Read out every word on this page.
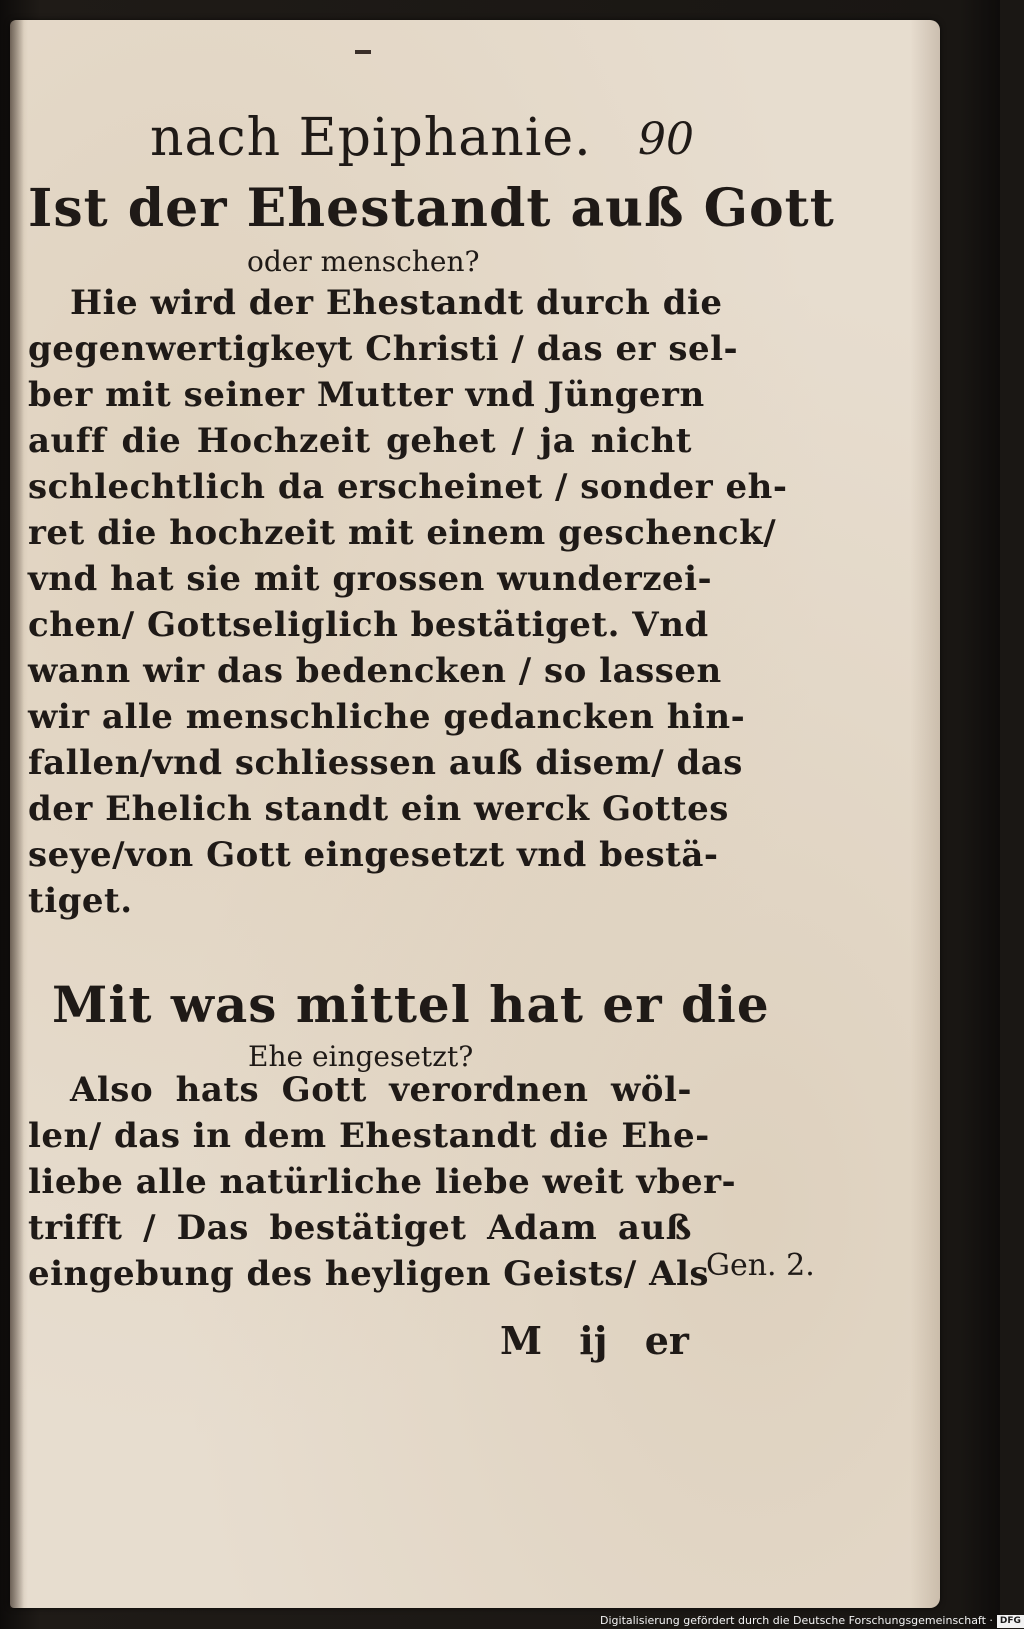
nach Epiphanie. 90
Ist der Ehestandt auß Gott
oder menschen?
Hie wird der Ehestandt durch die
gegenwertigkeyt Christi / das er sel-
ber mit seiner Mutter vnd Jüngern
auff die Hochzeit gehet / ja nicht
schlechtlich da erscheinet / sonder eh-
ret die hochzeit mit einem geschenck/
vnd hat sie mit grossen wunderzei-
chen/ Gottseliglich bestätiget. Vnd
wann wir das bedencken / so lassen
wir alle menschliche gedancken hin-
fallen/vnd schliessen auß disem/ das
der Ehelich standt ein werck Gottes
seye/von Gott eingesetzt vnd bestä-
tiget.
Mit was mittel hat er die
Ehe eingesetzt?
Also hats Gott verordnen wöl-
len/ das in dem Ehestandt die Ehe-
liebe alle natürliche liebe weit vber-
trifft / Das bestätiget Adam auß
eingebung des heyligen Geists/ Als
Gen. 2.
M ij er
Digitalisierung gefördert durch die Deutsche Forschungsgemeinschaft · DFG
